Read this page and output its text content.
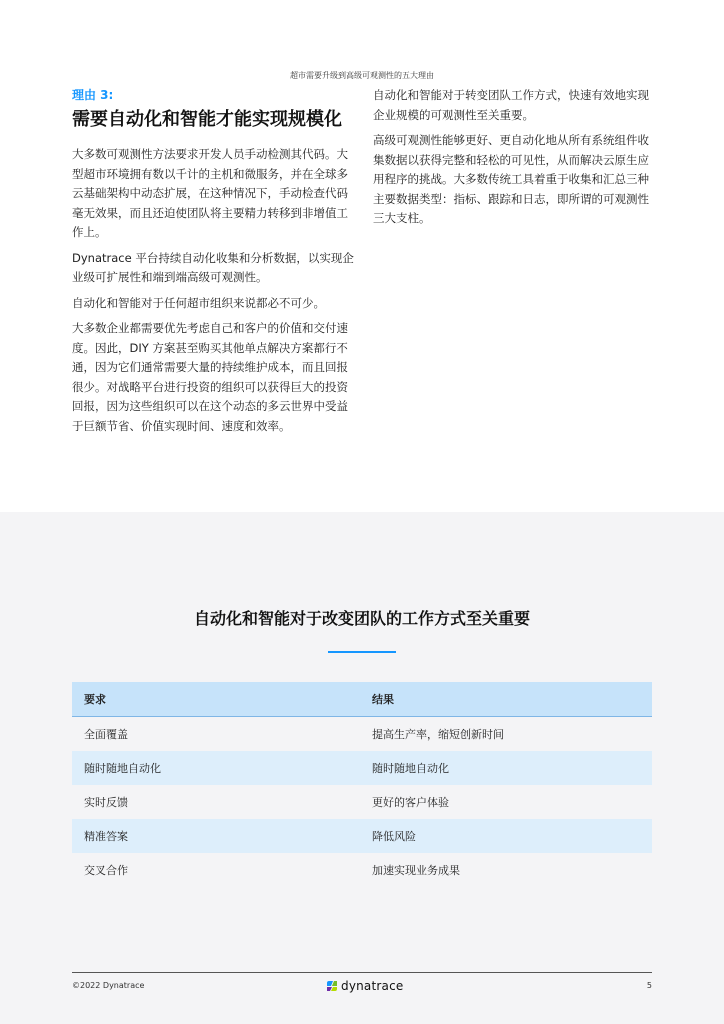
超市需要升级到高级可观测性的五大理由

理由 3:

需要自动化和智能才能实现规模化

大多数可观测性方法要求开发人员手动检测其代码。大型超市环境拥有数以千计的主机和微服务，并在全球多云基础架构中动态扩展，在这种情况下，手动检查代码毫无效果，而且还迫使团队将主要精力转移到非增值工作上。

Dynatrace 平台持续自动化收集和分析数据，以实现企业级可扩展性和端到端高级可观测性。

自动化和智能对于任何超市组织来说都必不可少。

大多数企业都需要优先考虑自己和客户的价值和交付速度。因此，DIY 方案甚至购买其他单点解决方案都行不通，因为它们通常需要大量的持续维护成本，而且回报很少。对战略平台进行投资的组织可以获得巨大的投资回报，因为这些组织可以在这个动态的多云世界中受益于巨额节省、价值实现时间、速度和效率。

自动化和智能对于转变团队工作方式，快速有效地实现企业规模的可观测性至关重要。

高级可观测性能够更好、更自动化地从所有系统组件收集数据以获得完整和轻松的可见性，从而解决云原生应用程序的挑战。大多数传统工具着重于收集和汇总三种主要数据类型：指标、跟踪和日志，即所谓的可观测性三大支柱。

自动化和智能对于改变团队的工作方式至关重要
要求	结果
全面覆盖	提高生产率，缩短创新时间
随时随地自动化	随时随地自动化
实时反馈	更好的客户体验
精准答案	降低风险
交叉合作	加速实现业务成果
©2022 Dynatrace	dynatrace	5
